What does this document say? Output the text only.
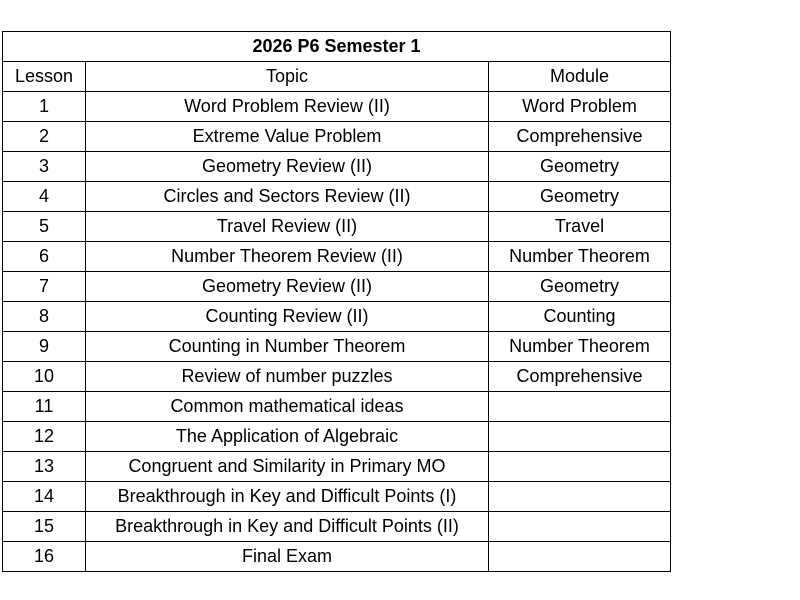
2026 P6 Semester 1		
Lesson	Topic	Module
1	Word Problem Review (II)	Word Problem
2	Extreme Value Problem	Comprehensive
3	Geometry Review (II)	Geometry
4	Circles and Sectors Review (II)	Geometry
5	Travel Review (II)	Travel
6	Number Theorem Review (II)	Number Theorem
7	Geometry Review (II)	Geometry
8	Counting Review (II)	Counting
9	Counting in Number Theorem	Number Theorem
10	Review of number puzzles	Comprehensive
11	Common mathematical ideas	
12	The Application of Algebraic	
13	Congruent and Similarity in Primary MO	
14	Breakthrough in Key and Difficult Points (I)	
15	Breakthrough in Key and Difficult Points (II)	
16	Final Exam	
